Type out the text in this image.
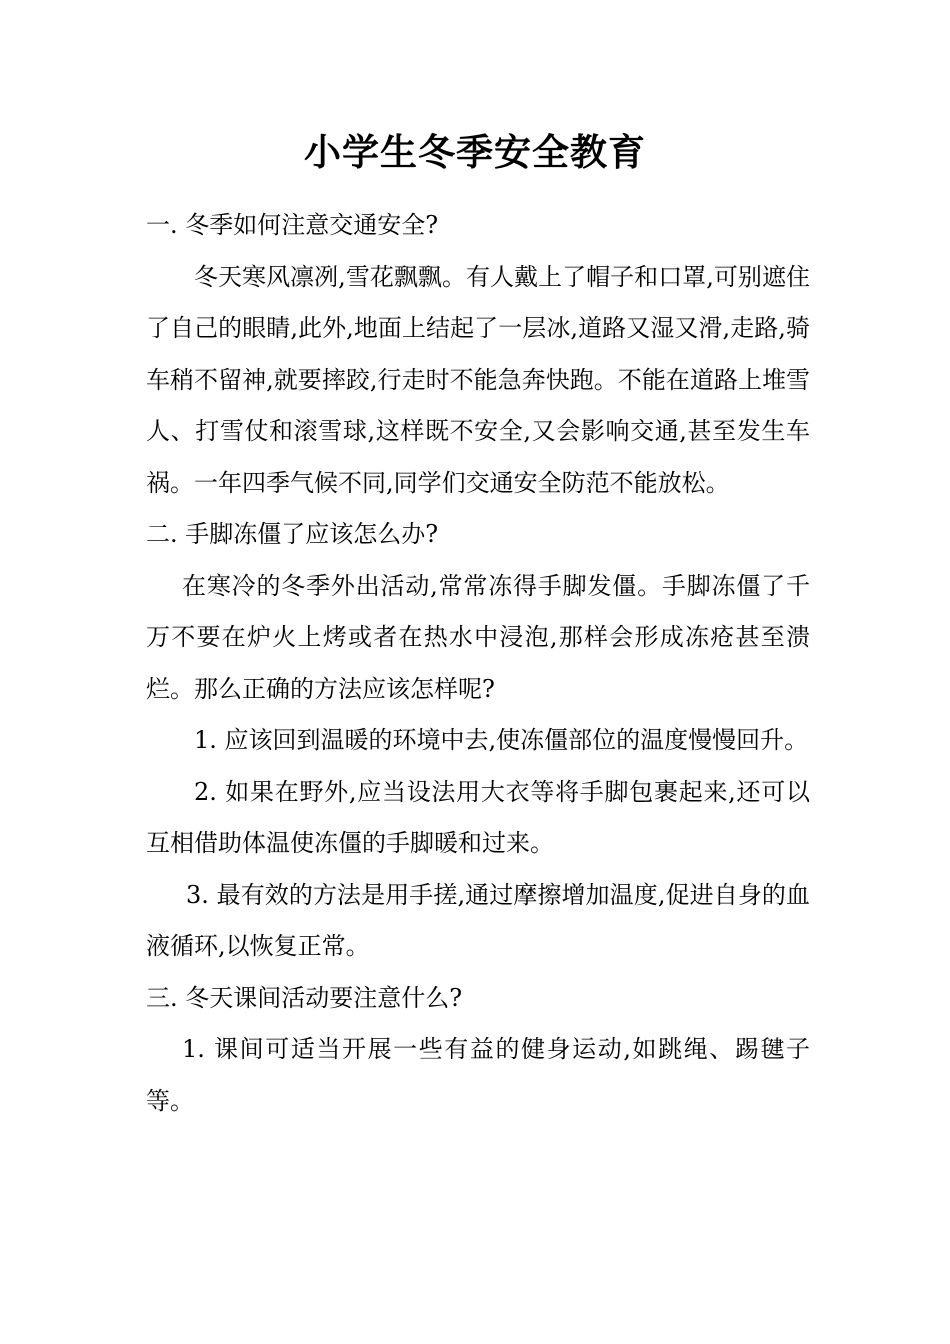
小学生冬季安全教育

一. 冬季如何注意交通安全?

冬天寒风凛冽,雪花飘飘。有人戴上了帽子和口罩,可别遮住了自己的眼睛,此外,地面上结起了一层冰,道路又湿又滑,走路,骑车稍不留神,就要摔跤,行走时不能急奔快跑。不能在道路上堆雪人、打雪仗和滚雪球,这样既不安全,又会影响交通,甚至发生车祸。一年四季气候不同,同学们交通安全防范不能放松。

二. 手脚冻僵了应该怎么办?

在寒冷的冬季外出活动,常常冻得手脚发僵。手脚冻僵了千万不要在炉火上烤或者在热水中浸泡,那样会形成冻疮甚至溃烂。那么正确的方法应该怎样呢?

1. 应该回到温暖的环境中去,使冻僵部位的温度慢慢回升。

2. 如果在野外,应当设法用大衣等将手脚包裹起来,还可以互相借助体温使冻僵的手脚暖和过来。

3. 最有效的方法是用手搓,通过摩擦增加温度,促进自身的血液循环,以恢复正常。

三. 冬天课间活动要注意什么?

1. 课间可适当开展一些有益的健身运动,如跳绳、踢毽子等。
